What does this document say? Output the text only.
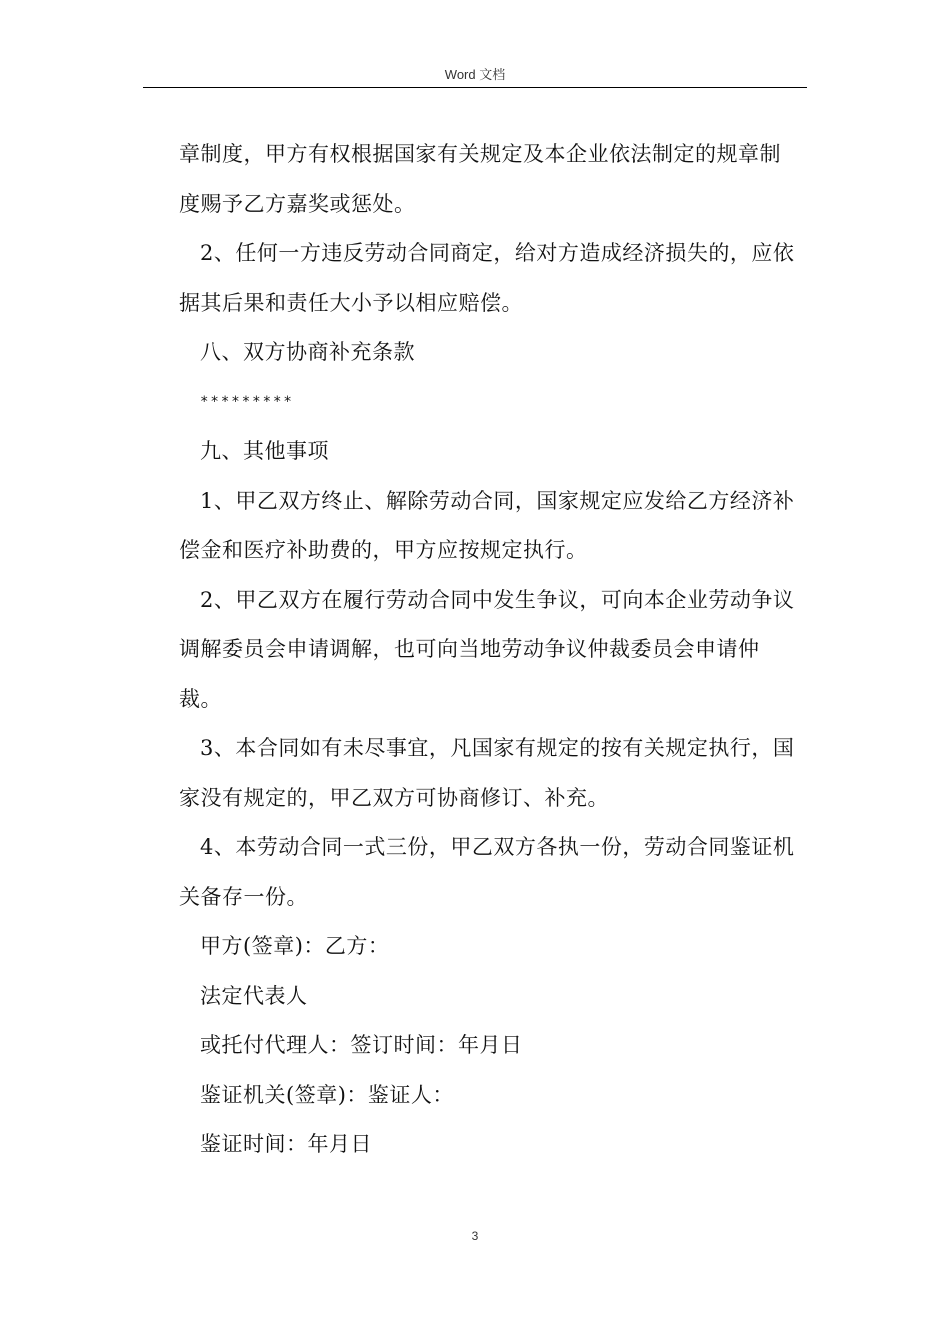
Word 文档

章制度，甲方有权根据国家有关规定及本企业依法制定的规章制度赐予乙方嘉奖或惩处。

2、任何一方违反劳动合同商定，给对方造成经济损失的，应依据其后果和责任大小予以相应赔偿。

八、双方协商补充条款

*********

九、其他事项

1、甲乙双方终止、解除劳动合同，国家规定应发给乙方经济补偿金和医疗补助费的，甲方应按规定执行。

2、甲乙双方在履行劳动合同中发生争议，可向本企业劳动争议调解委员会申请调解，也可向当地劳动争议仲裁委员会申请仲裁。

3、本合同如有未尽事宜，凡国家有规定的按有关规定执行，国家没有规定的，甲乙双方可协商修订、补充。

4、本劳动合同一式三份，甲乙双方各执一份，劳动合同鉴证机关备存一份。

甲方(签章)：乙方：

法定代表人

或托付代理人：签订时间：年月日

鉴证机关(签章)：鉴证人：

鉴证时间：年月日

3
